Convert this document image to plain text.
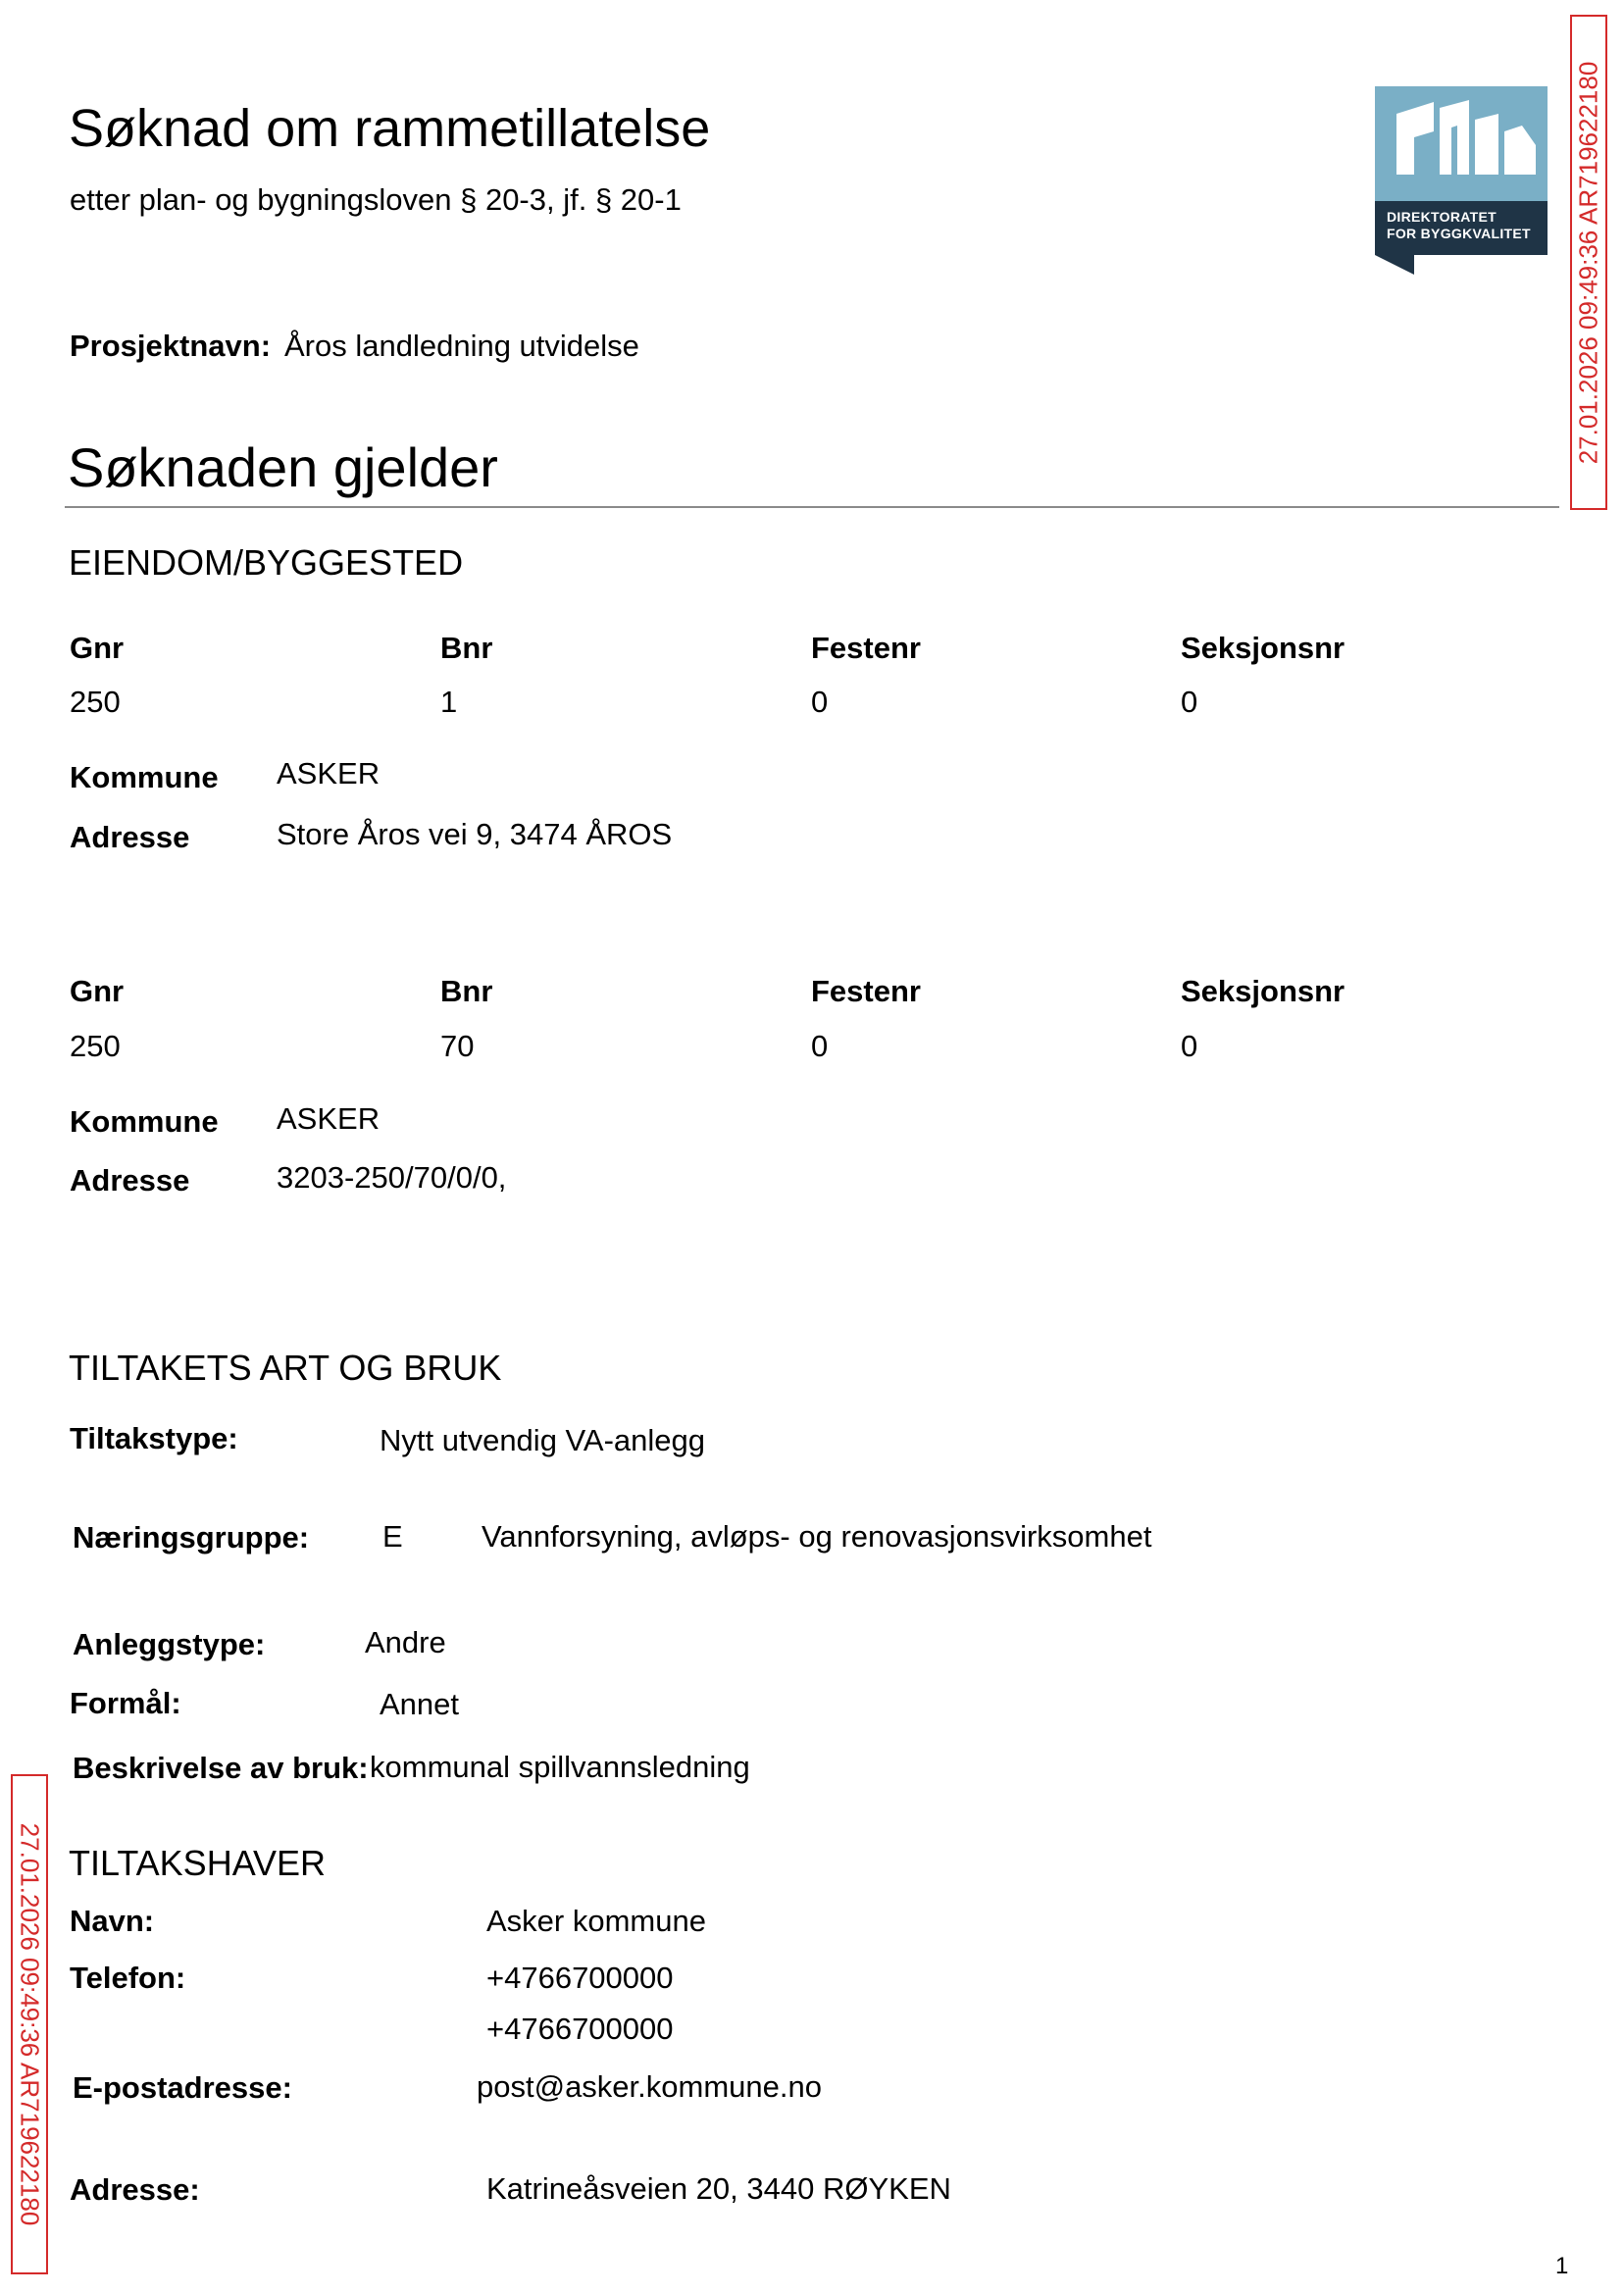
Søknad om rammetillatelse
etter plan- og bygningsloven § 20-3, jf. § 20-1	DIREKTORATET
FOR BYGGKVALITET 27.01.2026 09:49:36 AR719622180
27.01.2026 09:49:36 AR719622180
Prosjektnavn: Åros landledning utvidelse
Søknaden gjelder
EIENDOM/BYGGESTED
Gnr	Bnr	Festenr	Seksjonsnr
250	1	0	0
Kommune ASKER
Adresse	Store Åros vei 9, 3474 ÅROS
Gnr	Bnr	Festenr	Seksjonsnr
250	70	0	0
Kommune ASKER
Adresse	3203-250/70/0/0,
TILTAKETS ART OG BRUK
Tiltakstype:	Nytt utvendig VA-anlegg
Næringsgruppe: E	Vannforsyning, avløps- og renovasjonsvirksomhet
Anleggstype:	Andre
Formål:	Annet
Beskrivelse av bruk: kommunal spillvannsledning
TILTAKSHAVER
Navn:	Asker kommune
Telefon:	+4766700000
+4766700000
E-postadresse:	post@asker.kommune.no
Adresse:	Katrineåsveien 20, 3440 RØYKEN
1
